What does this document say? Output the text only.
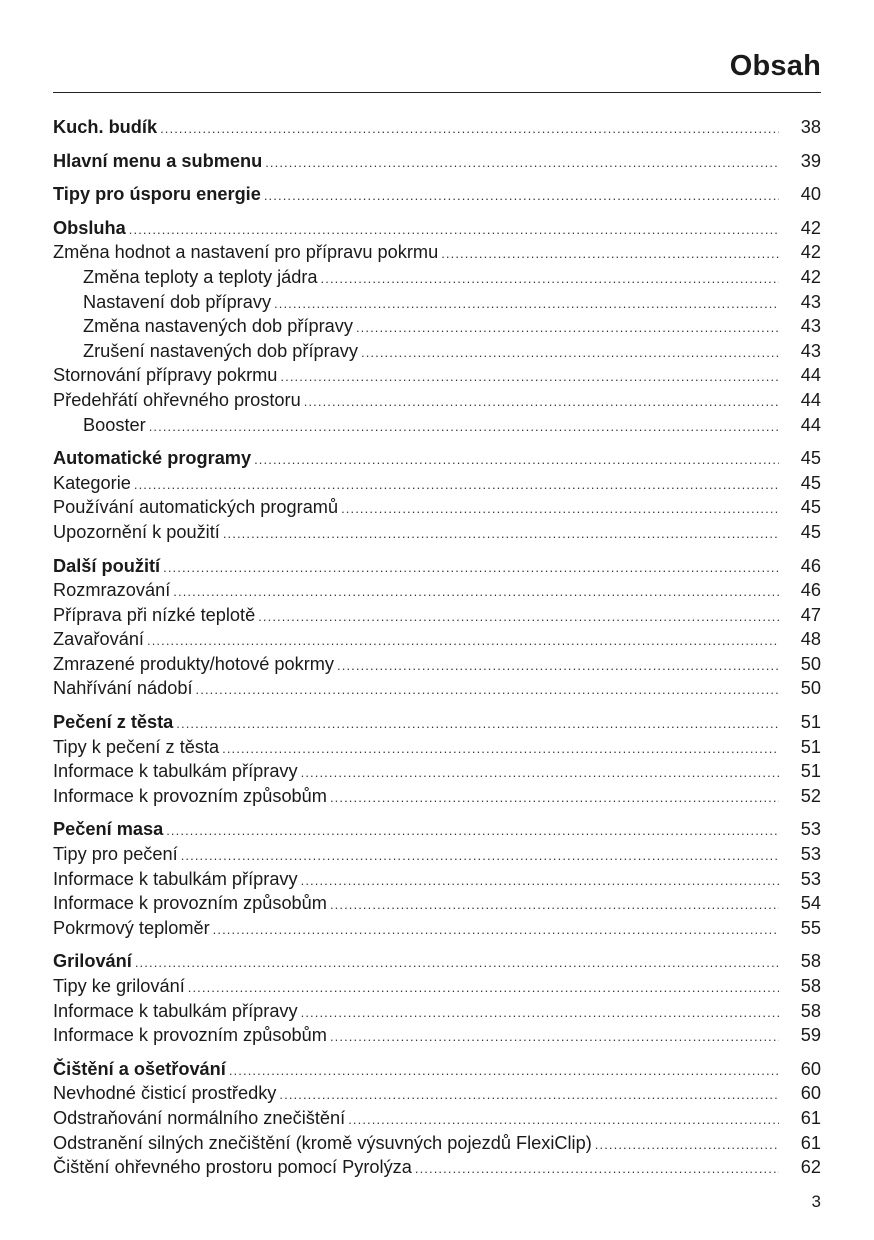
Obsah
Kuch. budík .....	38
Hlavní menu a submenu .....	39
Tipy pro úsporu energie .....	40
Obsluha .....	42
Změna hodnot a nastavení pro přípravu pokrmu .....	42
Změna teploty a teploty jádra .....	42
Nastavení dob přípravy .....	43
Změna nastavených dob přípravy .....	43
Zrušení nastavených dob přípravy .....	43
Stornování přípravy pokrmu .....	44
Předehřátí ohřevného prostoru .....	44
Booster .....	44
Automatické programy .....	45
Kategorie .....	45
Používání automatických programů .....	45
Upozornění k použití .....	45
Další použití .....	46
Rozmrazování .....	46
Příprava při nízké teplotě .....	47
Zavařování .....	48
Zmrazené produkty/hotové pokrmy .....	50
Nahřívání nádobí .....	50
Pečení z těsta .....	51
Tipy k pečení z těsta .....	51
Informace k tabulkám přípravy .....	51
Informace k provozním způsobům .....	52
Pečení masa .....	53
Tipy pro pečení .....	53
Informace k tabulkám přípravy .....	53
Informace k provozním způsobům .....	54
Pokrmový teploměr .....	55
Grilování .....	58
Tipy ke grilování .....	58
Informace k tabulkám přípravy .....	58
Informace k provozním způsobům .....	59
Čištění a ošetřování .....	60
Nevhodné čisticí prostředky .....	60
Odstraňování normálního znečištění .....	61
Odstranění silných znečištění (kromě výsuvných pojezdů FlexiClip) .....	61
Čištění ohřevného prostoru pomocí Pyrolýza .....	62
3
